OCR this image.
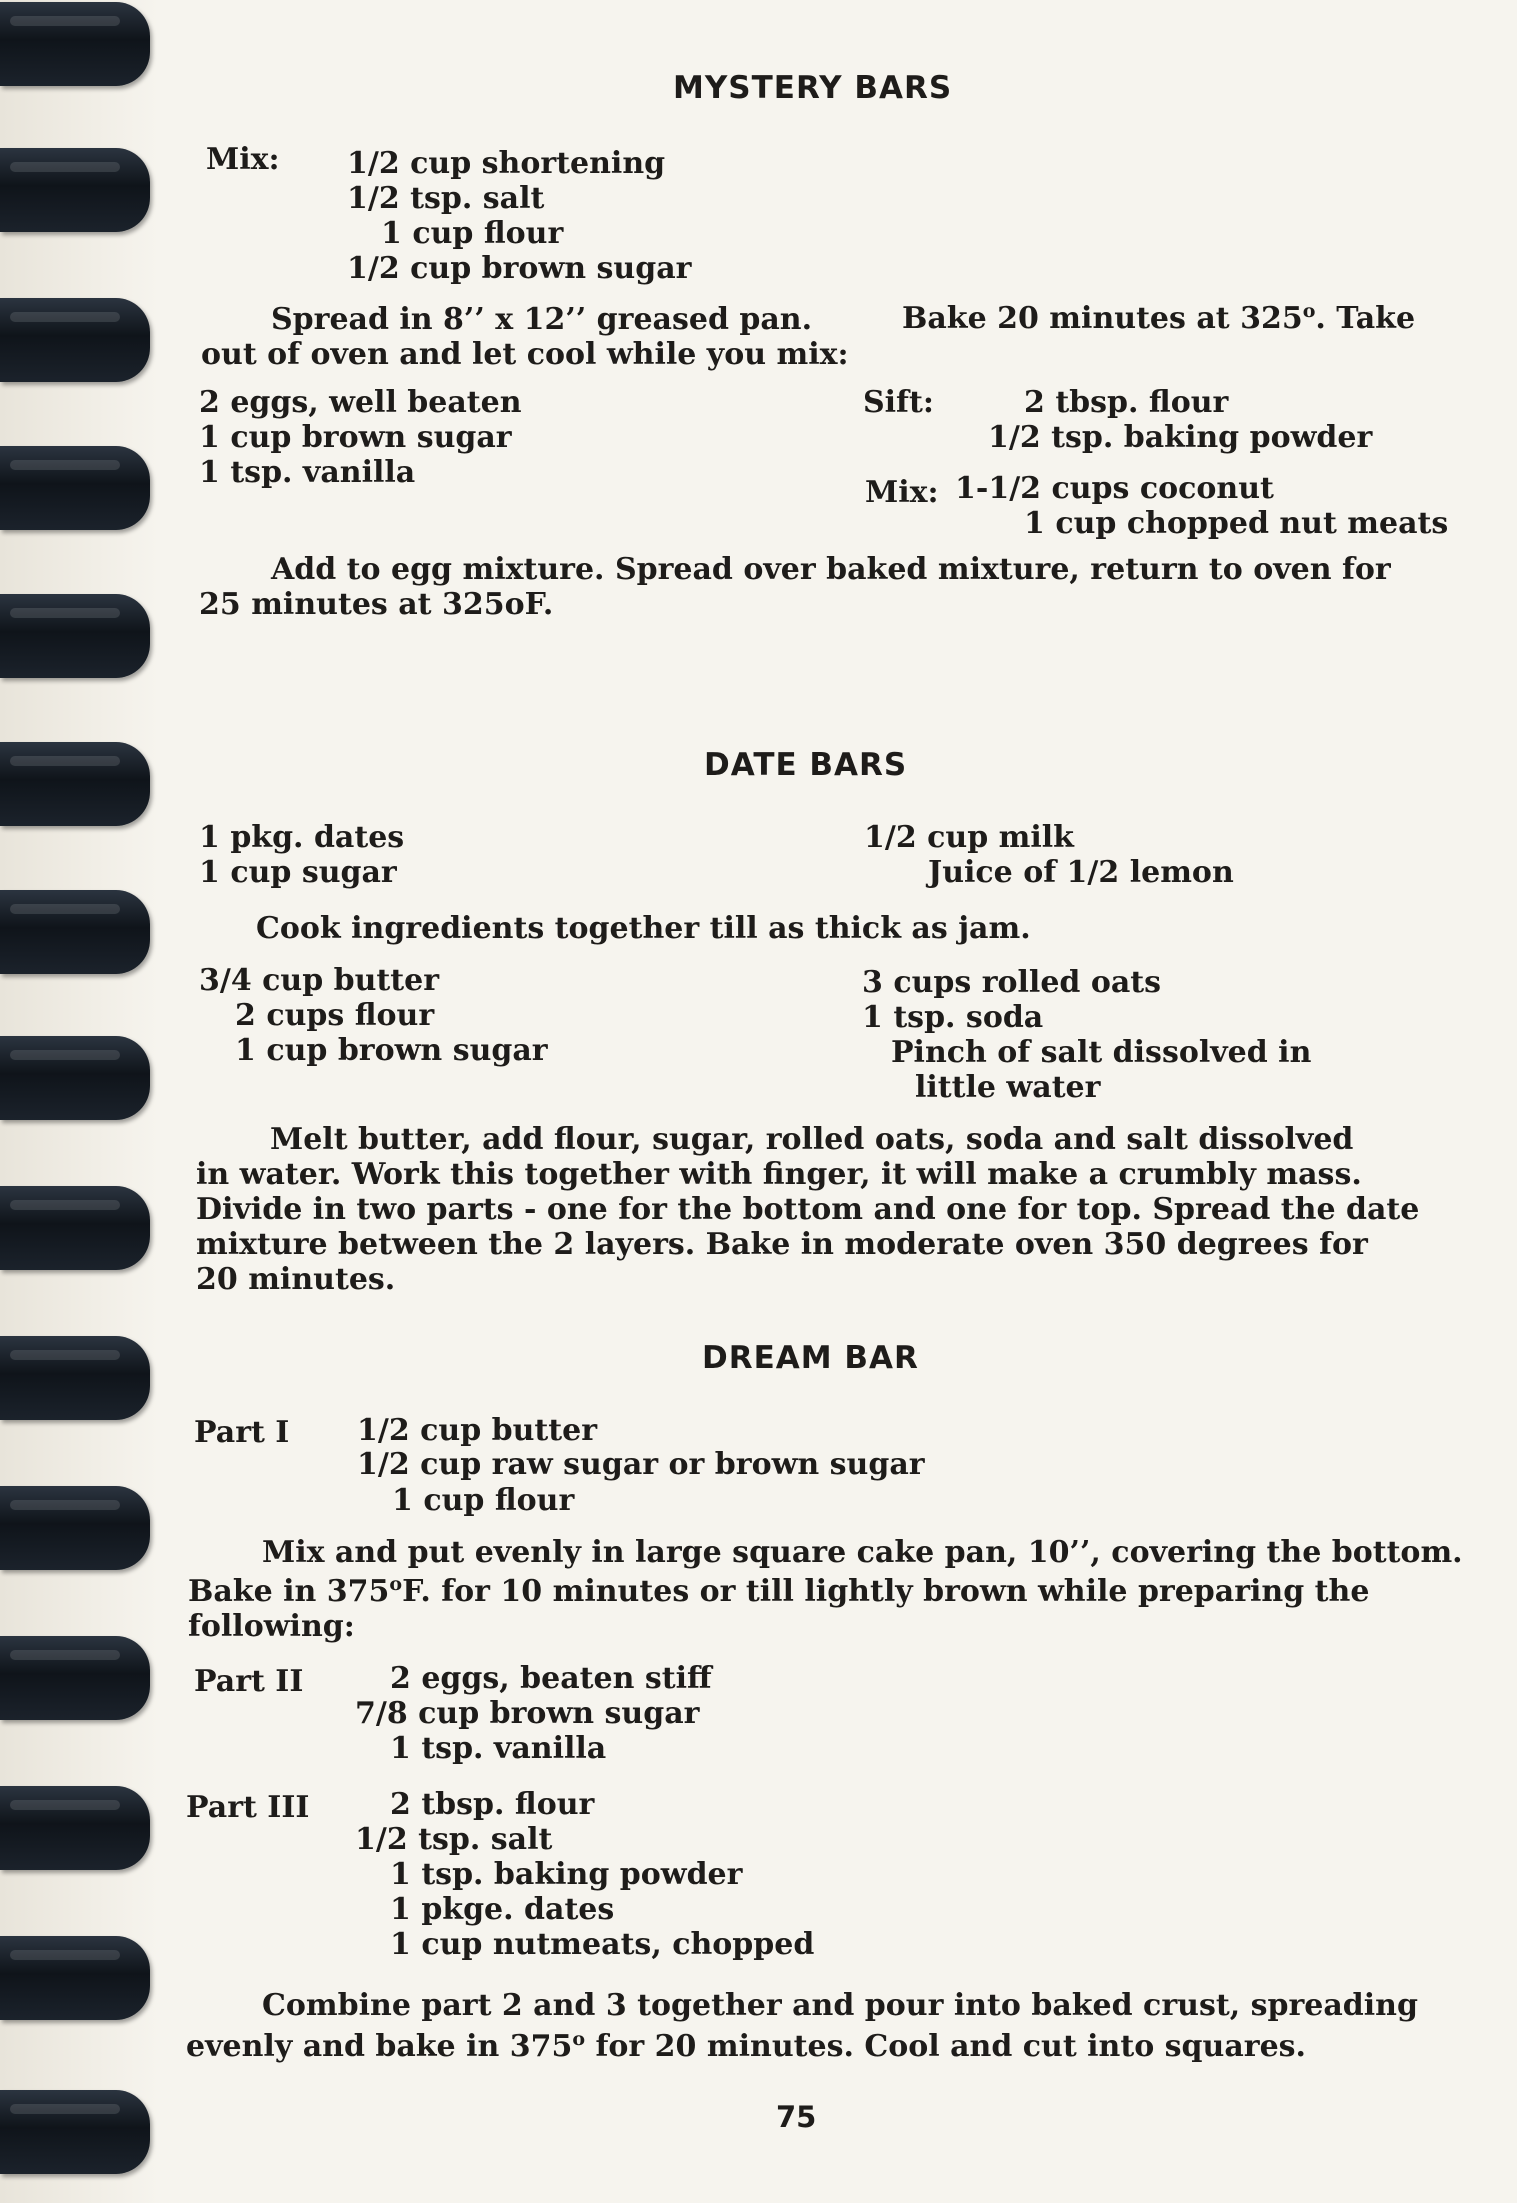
MYSTERY BARS
Mix: 1/2 cup shortening
1/2 tsp. salt
1 cup flour
1/2 cup brown sugar
Spread in 8’’ x 12’’ greased pan.	Bake 20 minutes at 325$^o$. Take
out of oven and let cool while you mix:
2 eggs, well beaten
1 cup brown sugar
1 tsp. vanilla
Sift:	2 tbsp. flour
1/2 tsp. baking powder
Mix: 1-1/2 cups coconut
1 cup chopped nut meats
Add to egg mixture. Spread over baked mixture, return to oven for
25 minutes at 325oF.
DATE BARS
1 pkg. dates
1 cup sugar
1/2 cup milk
Juice of 1/2 lemon
Cook ingredients together till as thick as jam.
3/4 cup butter
2 cups flour
1 cup brown sugar
3 cups rolled oats
1 tsp. soda
Pinch of salt dissolved in
little water
Melt butter, add flour, sugar, rolled oats, soda and salt dissolved
in water. Work this together with finger, it will make a crumbly mass.
Divide in two parts - one for the bottom and one for top. Spread the date
mixture between the 2 layers. Bake in moderate oven 350 degrees for
20 minutes.
DREAM BAR
Part I 1/2 cup butter
1/2 cup raw sugar or brown sugar
1 cup flour
Mix and put evenly in large square cake pan, 10’’, covering the bottom.
Bake in 375$^o$F. for 10 minutes or till lightly brown while preparing the
following:
Part II	2 eggs, beaten stiff
7/8 cup brown sugar
1 tsp. vanilla
Part III	2 tbsp. flour
1/2 tsp. salt
1 tsp. baking powder
1 pkge. dates
1 cup nutmeats, chopped
Combine part 2 and 3 together and pour into baked crust, spreading
evenly and bake in 375$^o$ for 20 minutes. Cool and cut into squares.
75
